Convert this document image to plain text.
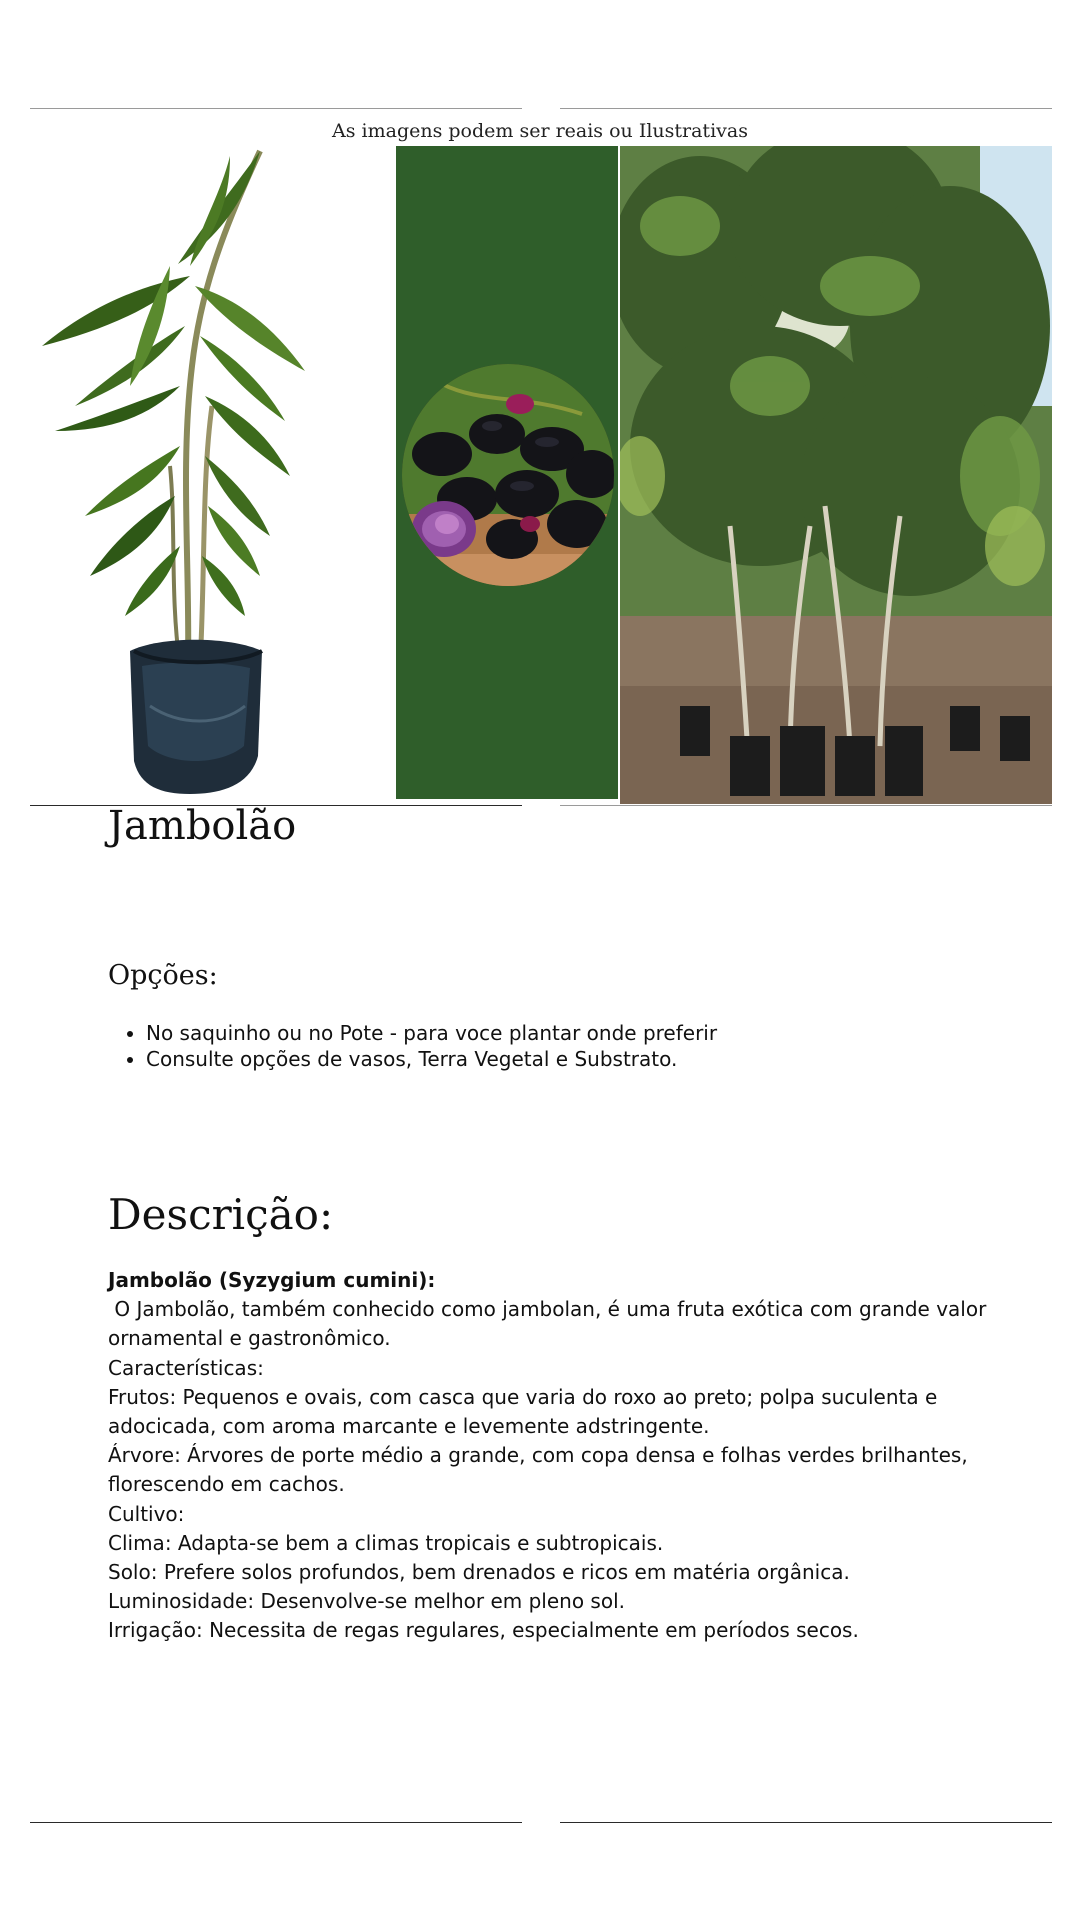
As imagens podem ser reais ou Ilustrativas
Jambolão
Opções:
• No saquinho ou no Pote - para voce plantar onde preferir
• Consulte opções de vasos, Terra Vegetal e Substrato.
Descrição:
Jambolão (Syzygium cumini):
O Jambolão, também conhecido como jambolan, é uma fruta exótica com grande valor ornamental e gastronômico.
Características:
Frutos: Pequenos e ovais, com casca que varia do roxo ao preto; polpa suculenta e adocicada, com aroma marcante e levemente adstringente.
Árvore: Árvores de porte médio a grande, com copa densa e folhas verdes brilhantes, florescendo em cachos.
Cultivo:
Clima: Adapta-se bem a climas tropicais e subtropicais.
Solo: Prefere solos profundos, bem drenados e ricos em matéria orgânica.
Luminosidade: Desenvolve-se melhor em pleno sol.
Irrigação: Necessita de regas regulares, especialmente em períodos secos.
